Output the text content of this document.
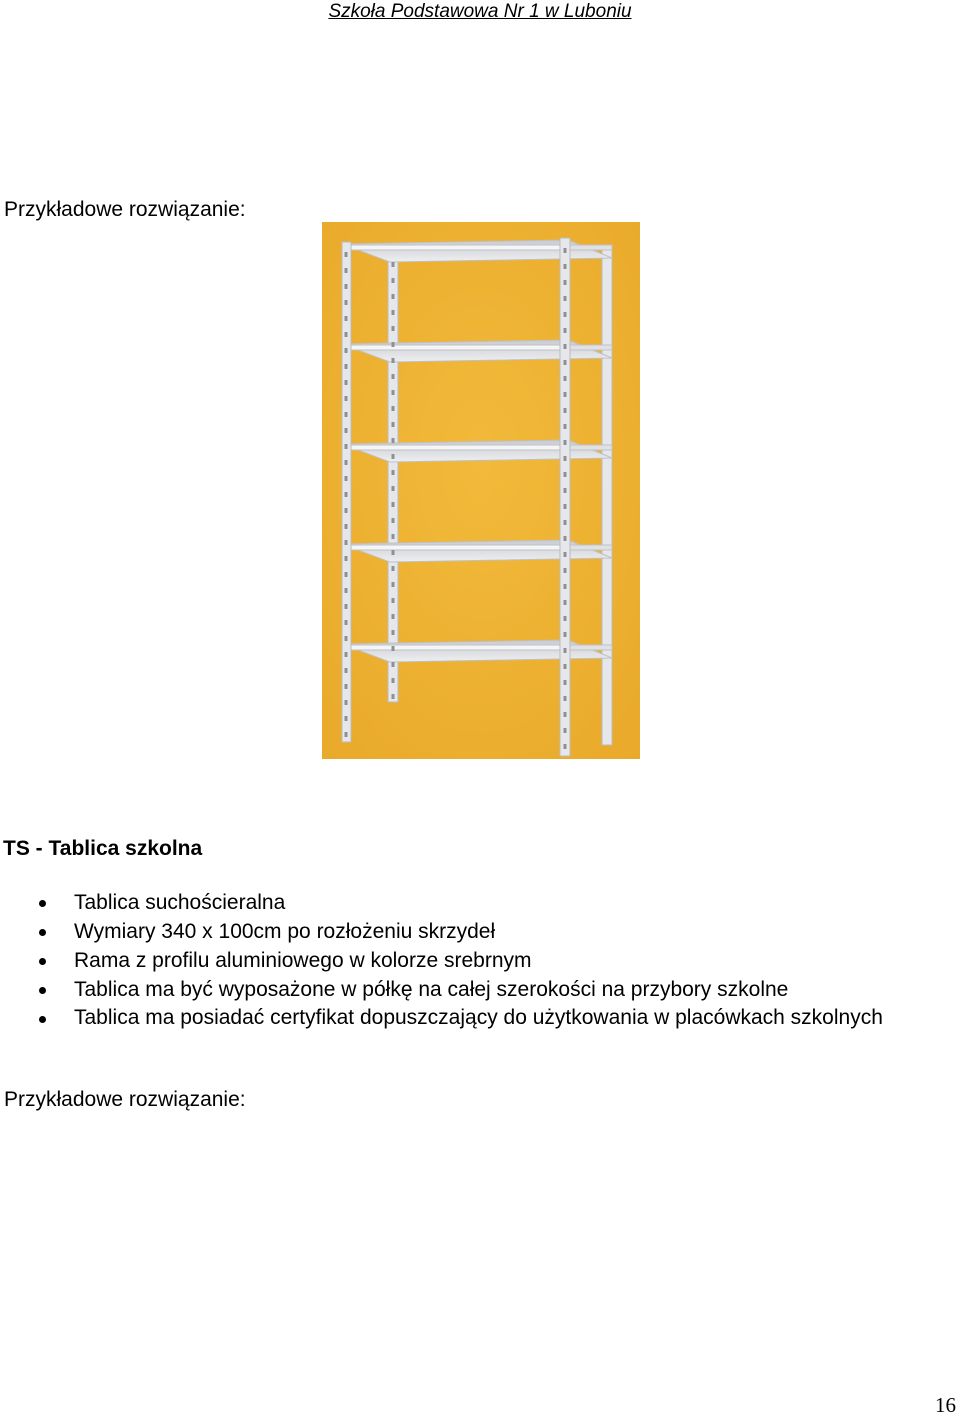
Szkoła Podstawowa Nr 1 w Luboniu
Przykładowe rozwiązanie:
TS - Tablica szkolna
Tablica suchościeralna
Wymiary 340 x 100cm po rozłożeniu skrzydeł
Rama z profilu aluminiowego w kolorze srebrnym
Tablica ma być wyposażone w półkę na całej szerokości na przybory szkolne
Tablica ma posiadać certyfikat dopuszczający do użytkowania w placówkach szkolnych
Przykładowe rozwiązanie:
16
